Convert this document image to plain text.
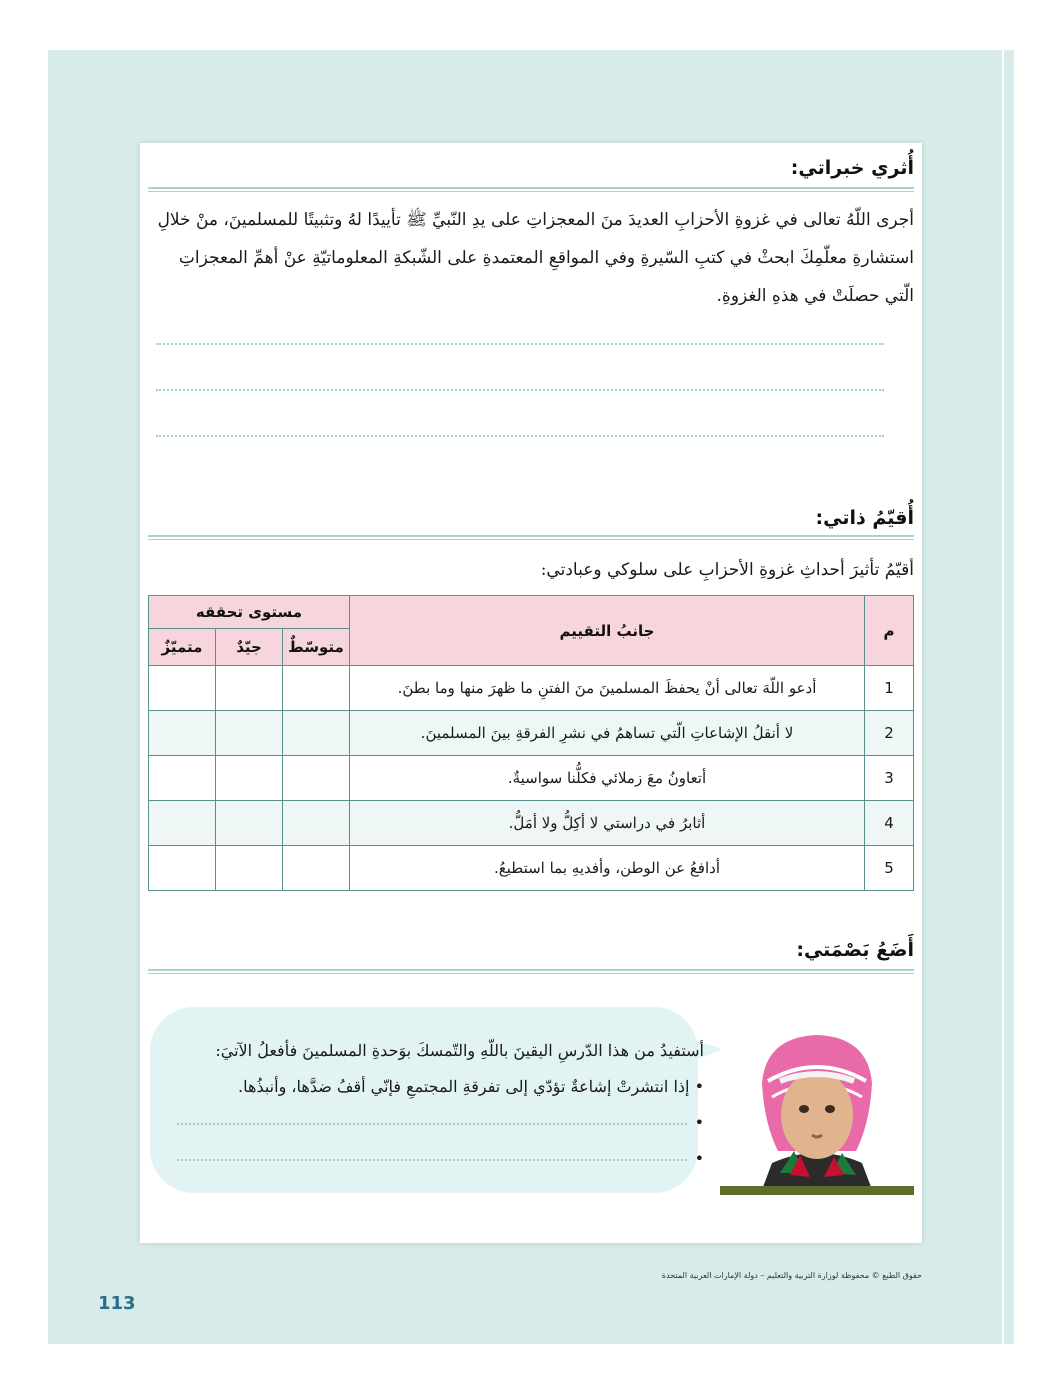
أُثري خبراتي:
أجرى اللّهُ تعالى في غزوةِ الأحزابِ العديدَ منَ المعجزاتِ على يدِ النّبيِّ ﷺ تأييدًا لهُ وتثبيتًا للمسلمينَ، منْ خلالِ استشارةِ معلّمِكَ ابحثْ في كتبِ السّيرةِ وفي المواقعِ المعتمدةِ على الشّبكةِ المعلوماتيّةِ عنْ أهمِّ المعجزاتِ الّتي حصلَتْ في هذهِ الغزوةِ.
أُقيّمُ ذاتي:
أقيّمُ تأثيرَ أحداثِ غزوةِ الأحزابِ على سلوكي وعبادتي:
م	جانبُ التقييم	مستوى تحققه		
		متوسّطٌ	جيّدٌ	متميّزٌ
1	أدعو اللّهَ تعالى أنْ يحفظَ المسلمينَ منَ الفتنِ ما ظهرَ منها وما بطنَ.			
2	لا أنقلُ الإشاعاتِ الّتي تساهمُ في نشرِ الفرقةِ بينَ المسلمينَ.			
3	أتعاونُ معَ زملائي فكلُّنا سواسيةٌ.			
4	أثابرُ في دراستي لا أكِلُّ ولا أمَلُّ.			
5	أدافعُ عن الوطن، وأفديهِ بما استطيعُ.			
أَضَعُ بَصْمَتي:
أستفيدُ من هذا الدّرسِ اليقينَ باللّهِ والتّمسكَ بوَحدةِ المسلمينَ فأفعلُ الآتيَ:
• إذا انتشرتْ إشاعةٌ تؤدّي إلى تفرقةِ المجتمعِ فإنّي أقفُ ضدَّها، وأنبذُها.
•
•
حقوق الطبع © محفوظة لوزارة التربية والتعليم – دولة الإمارات العربية المتحدة
113
